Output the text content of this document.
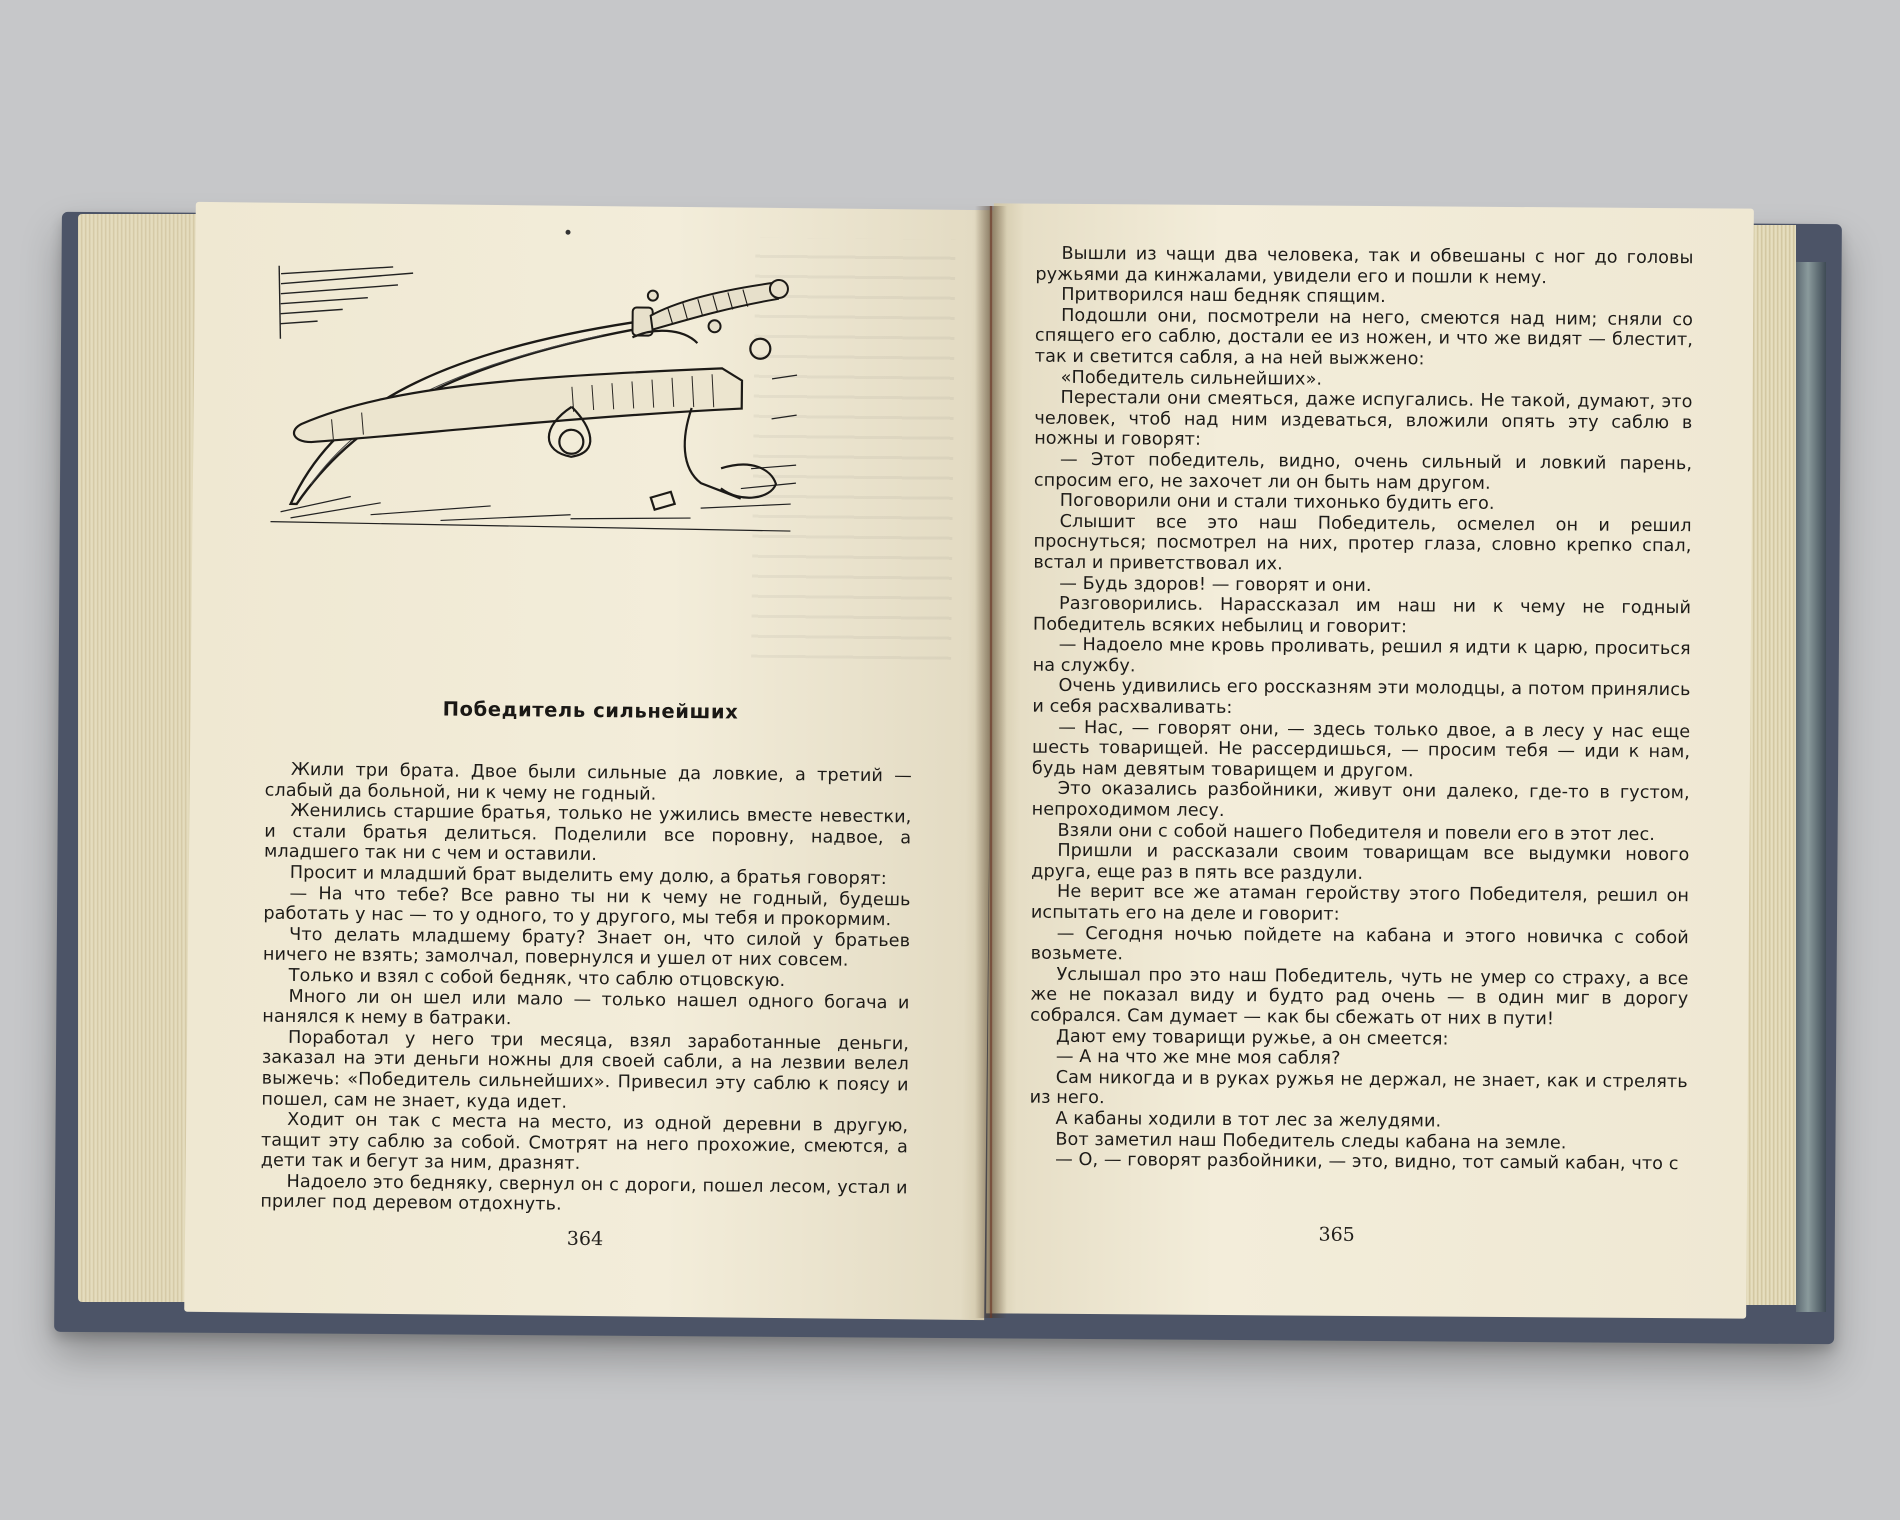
Победитель сильнейших

Жили три брата. Двое были сильные да ловкие, а третий — слабый да больной, ни к чему не годный.

Женились старшие братья, только не ужились вместе невестки, и стали братья делиться. Поделили все поровну, надвое, а младшего так ни с чем и оставили.

Просит и младший брат выделить ему долю, а братья говорят:

— На что тебе? Все равно ты ни к чему не годный, будешь работать у нас — то у одного, то у другого, мы тебя и прокормим.

Что делать младшему брату? Знает он, что силой у братьев ничего не взять; замолчал, повернулся и ушел от них совсем.

Только и взял с собой бедняк, что саблю отцовскую.

Много ли он шел или мало — только нашел одного богача и нанялся к нему в батраки.

Поработал у него три месяца, взял заработанные деньги, заказал на эти деньги ножны для своей сабли, а на лезвии велел выжечь: «Победитель сильнейших». Привесил эту саблю к поясу и пошел, сам не знает, куда идет.

Ходит он так с места на место, из одной деревни в другую, тащит эту саблю за собой. Смотрят на него прохожие, смеются, а дети так и бегут за ним, дразнят.

Надоело это бедняку, свернул он с дороги, пошел лесом, устал и прилег под деревом отдохнуть.

364

Вышли из чащи два человека, так и обвешаны с ног до головы ружьями да кинжалами, увидели его и пошли к нему.

Притворился наш бедняк спящим.

Подошли они, посмотрели на него, смеются над ним; сняли со спящего его саблю, достали ее из ножен, и что же видят — блестит, так и светится сабля, а на ней выжжено:

«Победитель сильнейших».

Перестали они смеяться, даже испугались. Не такой, думают, это человек, чтоб над ним издеваться, вложили опять эту саблю в ножны и говорят:

— Этот победитель, видно, очень сильный и ловкий парень, спросим его, не захочет ли он быть нам другом.

Поговорили они и стали тихонько будить его.

Слышит все это наш Победитель, осмелел он и решил проснуться; посмотрел на них, протер глаза, словно крепко спал, встал и приветствовал их.

— Будь здоров! — говорят и они.

Разговорились. Нарассказал им наш ни к чему не годный Победитель всяких небылиц и говорит:

— Надоело мне кровь проливать, решил я идти к царю, проситься на службу.

Очень удивились его россказням эти молодцы, а потом принялись и себя расхваливать:

— Нас, — говорят они, — здесь только двое, а в лесу у нас еще шесть товарищей. Не рассердишься, — просим тебя — иди к нам, будь нам девятым товарищем и другом.

Это оказались разбойники, живут они далеко, где-то в густом, непроходимом лесу.

Взяли они с собой нашего Победителя и повели его в этот лес.

Пришли и рассказали своим товарищам все выдумки нового друга, еще раз в пять все раздули.

Не верит все же атаман геройству этого Победителя, решил он испытать его на деле и говорит:

— Сегодня ночью пойдете на кабана и этого новичка с собой возьмете.

Услышал про это наш Победитель, чуть не умер со страху, а все же не показал виду и будто рад очень — в один миг в дорогу собрался. Сам думает — как бы сбежать от них в пути!

Дают ему товарищи ружье, а он смеется:

— А на что же мне моя сабля?

Сам никогда и в руках ружья не держал, не знает, как и стрелять из него.

А кабаны ходили в тот лес за желудями.

Вот заметил наш Победитель следы кабана на земле.

— О, — говорят разбойники, — это, видно, тот самый кабан, что с

365
